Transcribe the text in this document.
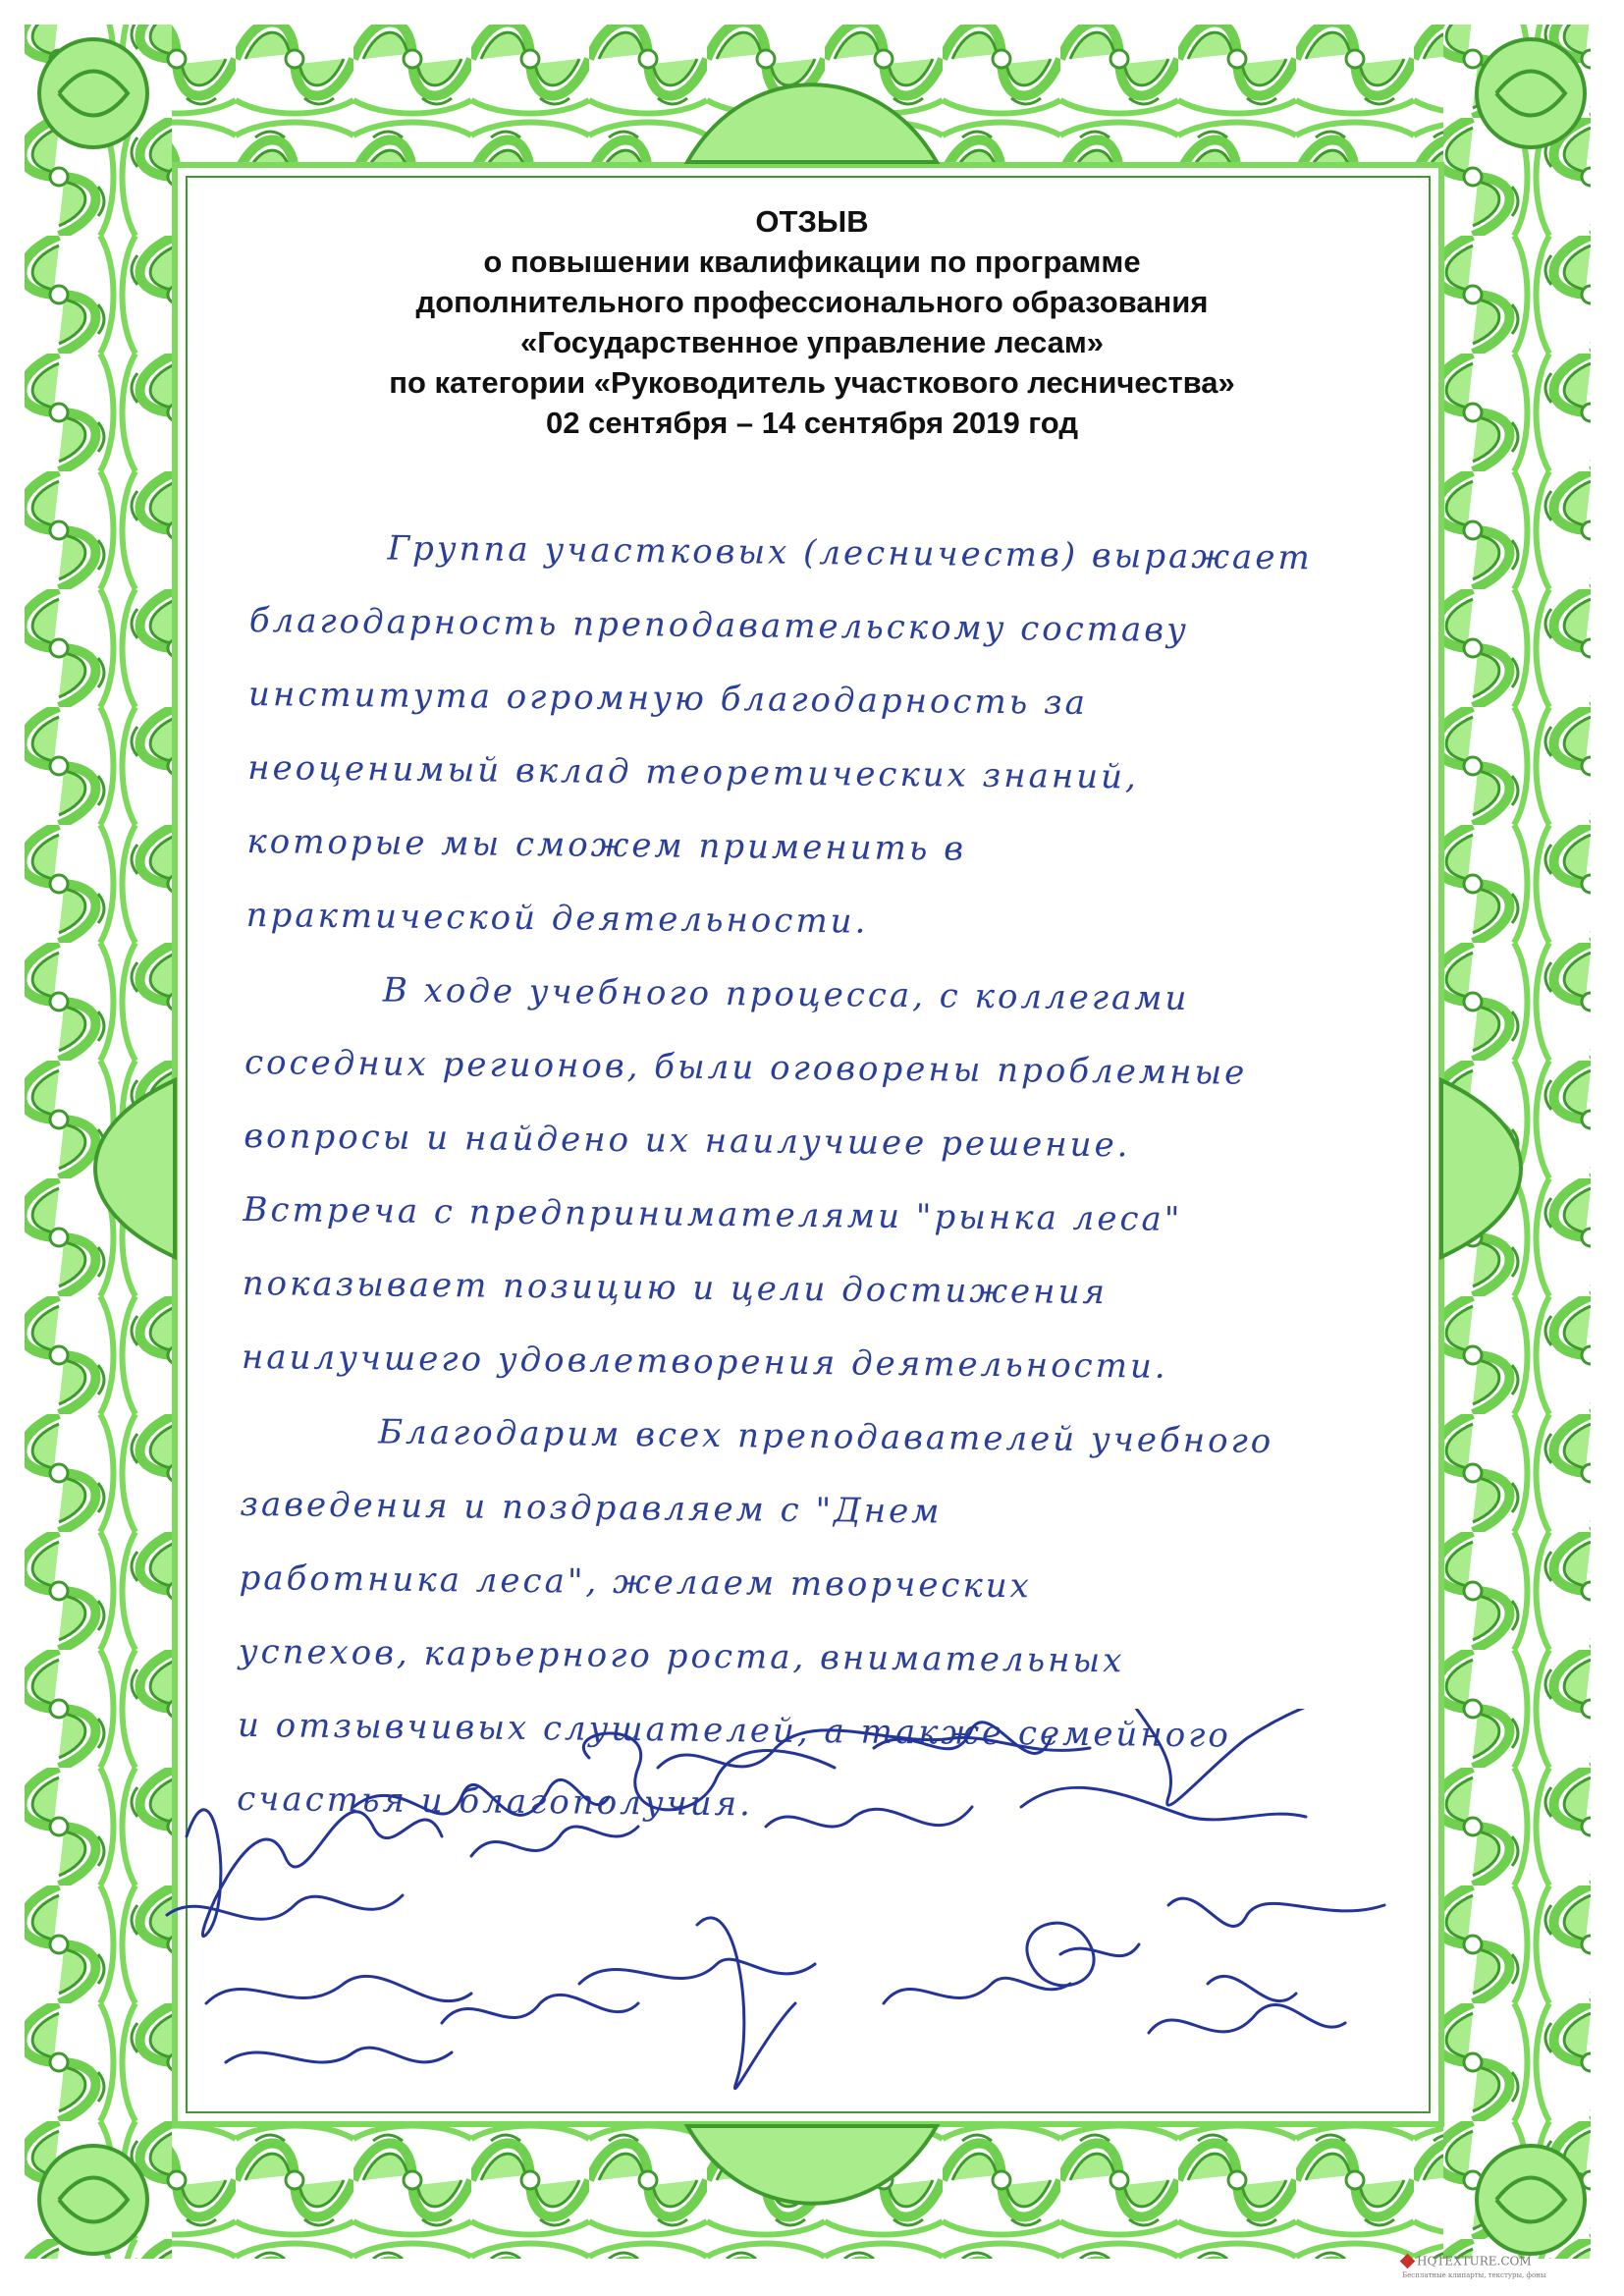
ОТЗЫВ
о повышении квалификации по программе
дополнительного профессионального образования
«Государственное управление лесам»
по категории «Руководитель участкового лесничества»
02 сентября – 14 сентября 2019 год
Группа участковых (лесничеств) выражает
благодарность преподавательскому составу
института огромную благодарность за
неоценимый вклад теоретических знаний,
которые мы сможем применить в
практической деятельности.
В ходе учебного процесса, с коллегами
соседних регионов, были оговорены проблемные
вопросы и найдено их наилучшее решение.
Встреча с предпринимателями "рынка леса"
показывает позицию и цели достижения
наилучшего удовлетворения деятельности.
Благодарим всех преподавателей учебного
заведения и поздравляем с "Днем
работника леса", желаем творческих
успехов, карьерного роста, внимательных
и отзывчивых слушателей, а также семейного
счастья и благополучия.
HQTEXTURE.COM
Бесплатные клипарты, текстуры, фоны
